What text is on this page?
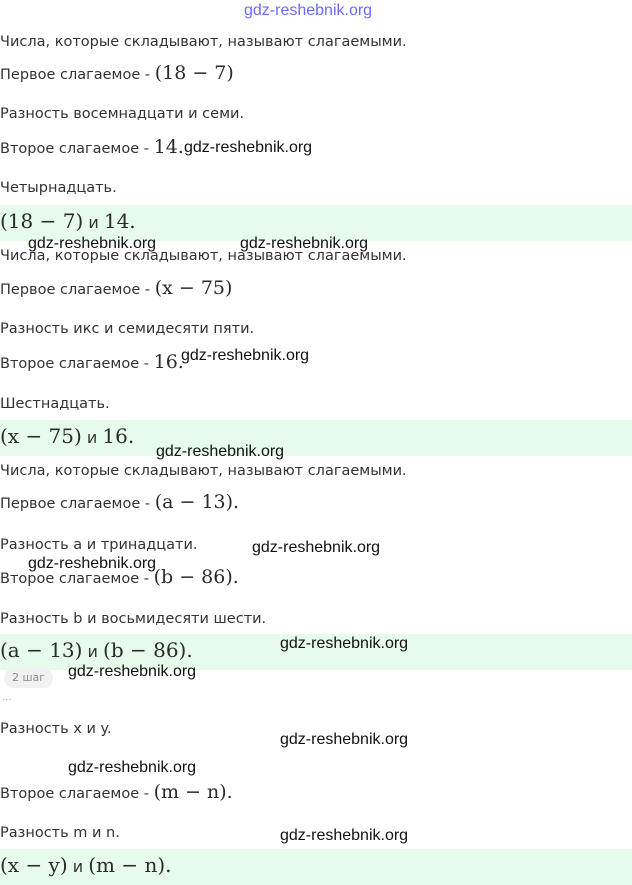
gdz-reshebnik.org
Числа, которые складывают, называют слагаемыми.
Первое слагаемое - (18 − 7)
Разность восемнадцати и семи.
Второе слагаемое - 14.
Четырнадцать.
(18 − 7) и 14.
Числа, которые складывают, называют слагаемыми.
Первое слагаемое - (x − 75)
Разность икс и семидесяти пяти.
Второе слагаемое - 16.
Шестнадцать.
(x − 75) и 16.
Числа, которые складывают, называют слагаемыми.
Первое слагаемое - (a − 13).
Разность a и тринадцати.
Второе слагаемое - (b − 86).
Разность b и восьмидесяти шести.
(a − 13) и (b − 86).
2 шаг
...
Разность x и y.
Второе слагаемое - (m − n).
Разность m и n.
(x − y) и (m − n).
gdz-reshebnik.org
gdz-reshebnik.org	gdz-reshebnik.org
gdz-reshebnik.org
gdz-reshebnik.org
gdz-reshebnik.org
gdz-reshebnik.org
gdz-reshebnik.org
gdz-reshebnik.org
gdz-reshebnik.org
gdz-reshebnik.org
gdz-reshebnik.org
